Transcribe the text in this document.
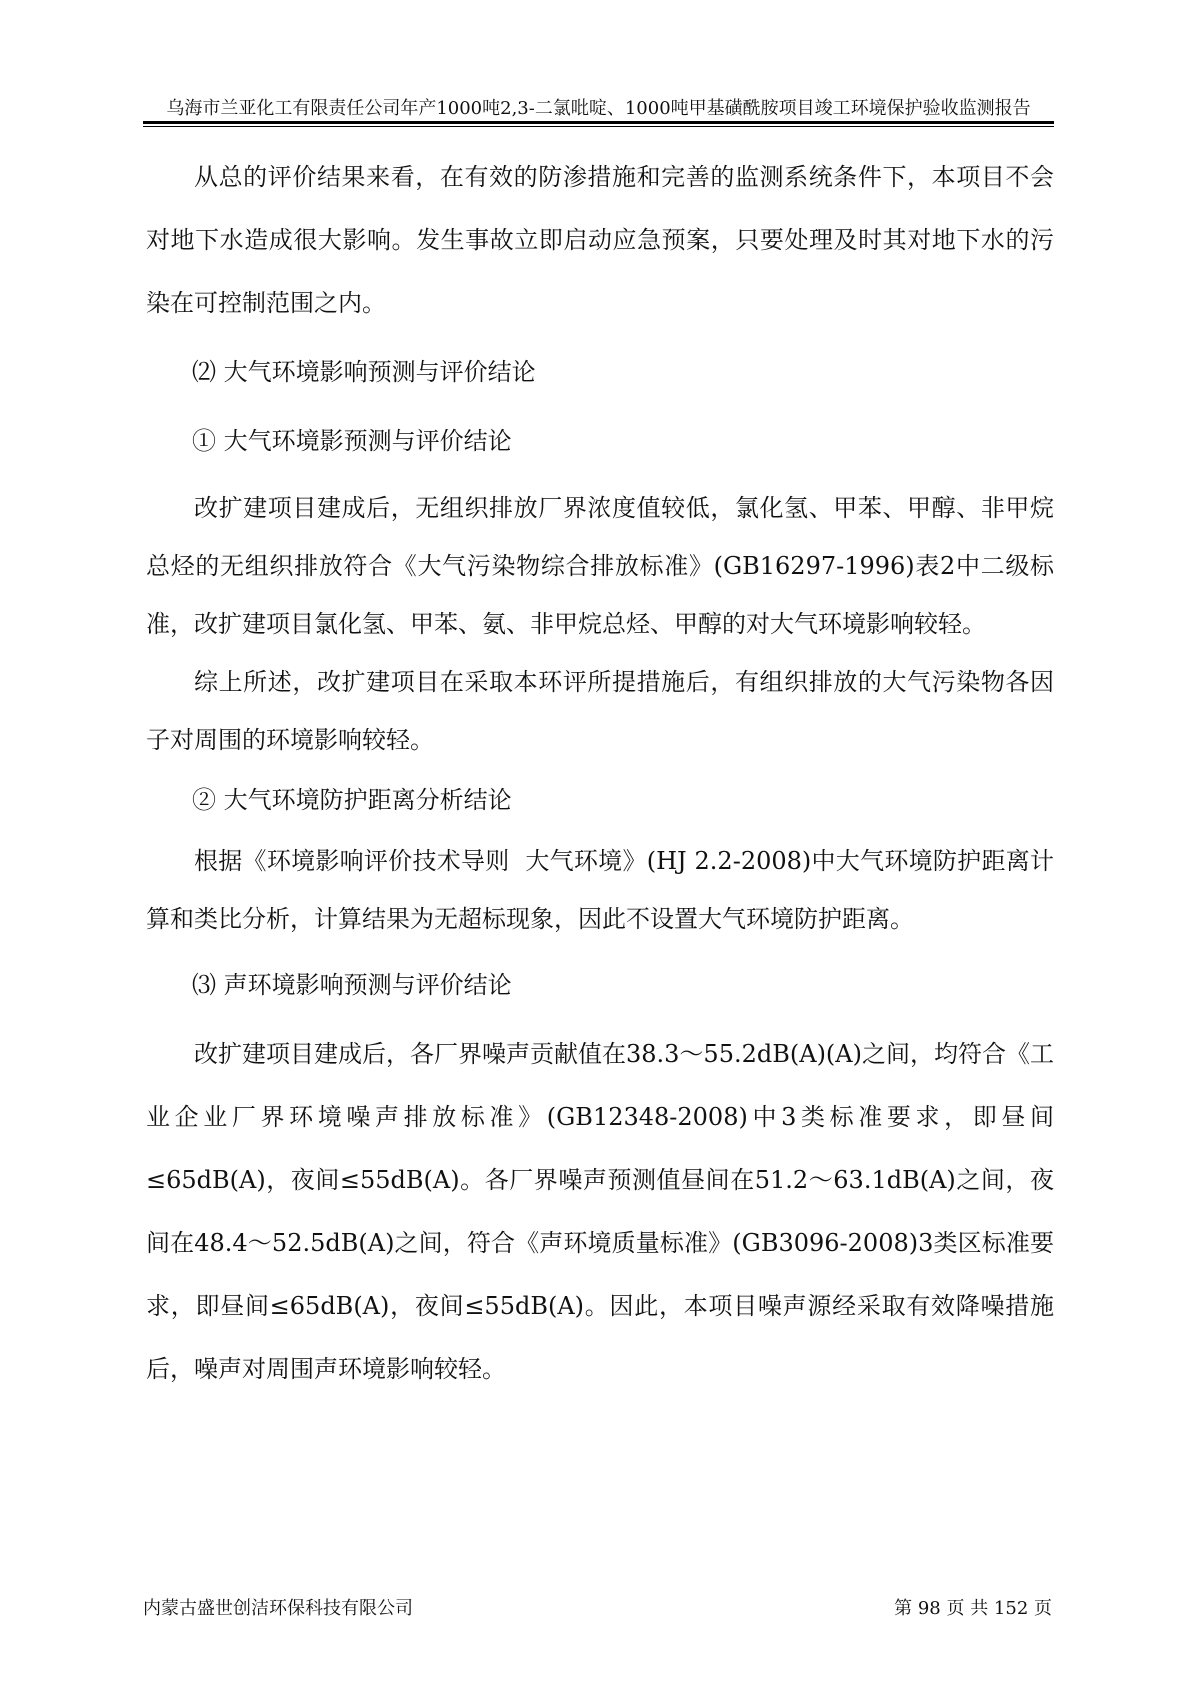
乌海市兰亚化工有限责任公司年产1000吨2,3-二氯吡啶、1000吨甲基磺酰胺项目竣工环境保护验收监测报告

从总的评价结果来看，在有效的防渗措施和完善的监测系统条件下，本项目不会对地下水造成很大影响。发生事故立即启动应急预案，只要处理及时其对地下水的污染在可控制范围之内。

⑵ 大气环境影响预测与评价结论

① 大气环境影预测与评价结论

改扩建项目建成后，无组织排放厂界浓度值较低，氯化氢、甲苯、甲醇、非甲烷总烃的无组织排放符合《大气污染物综合排放标准》(GB16297-1996)表2中二级标准，改扩建项目氯化氢、甲苯、氨、非甲烷总烃、甲醇的对大气环境影响较轻。

综上所述，改扩建项目在采取本环评所提措施后，有组织排放的大气污染物各因子对周围的环境影响较轻。

② 大气环境防护距离分析结论

根据《环境影响评价技术导则  大气环境》(HJ 2.2-2008)中大气环境防护距离计算和类比分析，计算结果为无超标现象，因此不设置大气环境防护距离。

⑶ 声环境影响预测与评价结论

改扩建项目建成后，各厂界噪声贡献值在38.3～55.2dB(A)(A)之间，均符合《工业企业厂界环境噪声排放标准》(GB12348-2008)中3类标准要求，即昼间≤65dB(A)，夜间≤55dB(A)。各厂界噪声预测值昼间在51.2～63.1dB(A)之间，夜间在48.4～52.5dB(A)之间，符合《声环境质量标准》(GB3096-2008)3类区标准要求，即昼间≤65dB(A)，夜间≤55dB(A)。因此，本项目噪声源经采取有效降噪措施后，噪声对周围声环境影响较轻。

内蒙古盛世创洁环保科技有限公司	第 98 页 共 152 页
